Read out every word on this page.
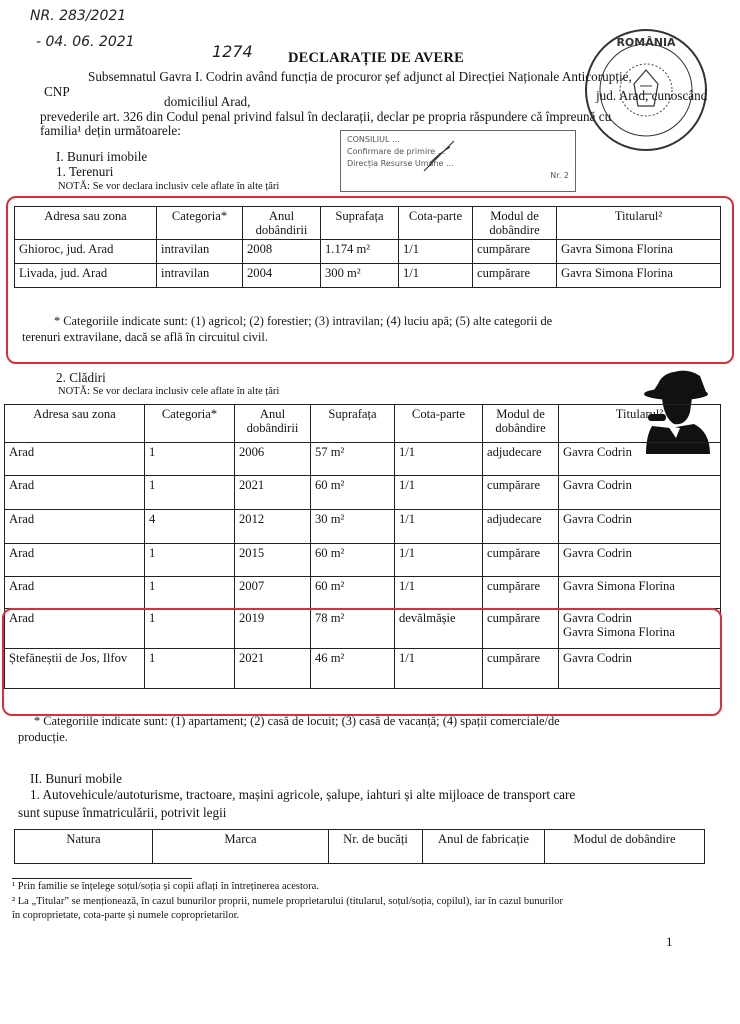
NR. 283/2021
- 04. 06. 2021	1274 DECLARAȚIE DE AVERE
ROMÂNIA
Subsemnatul Gavra I. Codrin având funcția de procuror șef adjunct al Direcției Naționale Anticorupție,
CNP	jud. Arad, cunoscând
domiciliul Arad,
prevederile art. 326 din Codul penal privind falsul în declarații, declar pe propria răspundere că împreună cu
familia¹ dețin următoarele:
CONSILIUL ...
Confirmare de primire ...
Direcția Resurse Umane ...
Nr. 2
I. Bunuri imobile
1. Terenuri
NOTĂ: Se vor declara inclusiv cele aflate în alte țări
Adresa sau zona	Categoria*	Anul dobândirii	Suprafața	Cota-parte	Modul de dobândire	Titularul²
Ghioroc, jud. Arad	intravilan	2008	1.174 m²	1/1	cumpărare	Gavra Simona Florina
Livada, jud. Arad	intravilan	2004	300 m²	1/1	cumpărare	Gavra Simona Florina
* Categoriile indicate sunt: (1) agricol; (2) forestier; (3) intravilan; (4) luciu apă; (5) alte categorii de
terenuri extravilane, dacă se află în circuitul civil.
2. Clădiri
NOTĂ: Se vor declara inclusiv cele aflate în alte țări
Adresa sau zona	Categoria*	Anul dobândirii	Suprafața	Cota-parte	Modul de dobândire	Titularul²
Arad	1	2006	57 m²	1/1	adjudecare	Gavra Codrin
Arad	1	2021	60 m²	1/1	cumpărare	Gavra Codrin
Arad	4	2012	30 m²	1/1	adjudecare	Gavra Codrin
Arad	1	2015	60 m²	1/1	cumpărare	Gavra Codrin
Arad	1	2007	60 m²	1/1	cumpărare	Gavra Simona Florina
Arad	1	2019	78 m²	devălmășie	cumpărare	Gavra Codrin
Gavra Simona Florina
Ștefăneștii de Jos, Ilfov	1	2021	46 m²	1/1	cumpărare	Gavra Codrin
* Categoriile indicate sunt: (1) apartament; (2) casă de locuit; (3) casă de vacanță; (4) spații comerciale/de
producție.
II. Bunuri mobile
1. Autovehicule/autoturisme, tractoare, mașini agricole, șalupe, iahturi și alte mijloace de transport care
sunt supuse înmatriculării, potrivit legii
Natura	Marca	Nr. de bucăți	Anul de fabricație	Modul de dobândire
¹ Prin familie se înțelege soțul/soția și copii aflați în întreținerea acestora.
² La „Titular” se menționează, în cazul bunurilor proprii, numele proprietarului (titularul, soțul/soția, copilul), iar în cazul bunurilor
în coproprietate, cota-parte și numele coproprietarilor.
1
